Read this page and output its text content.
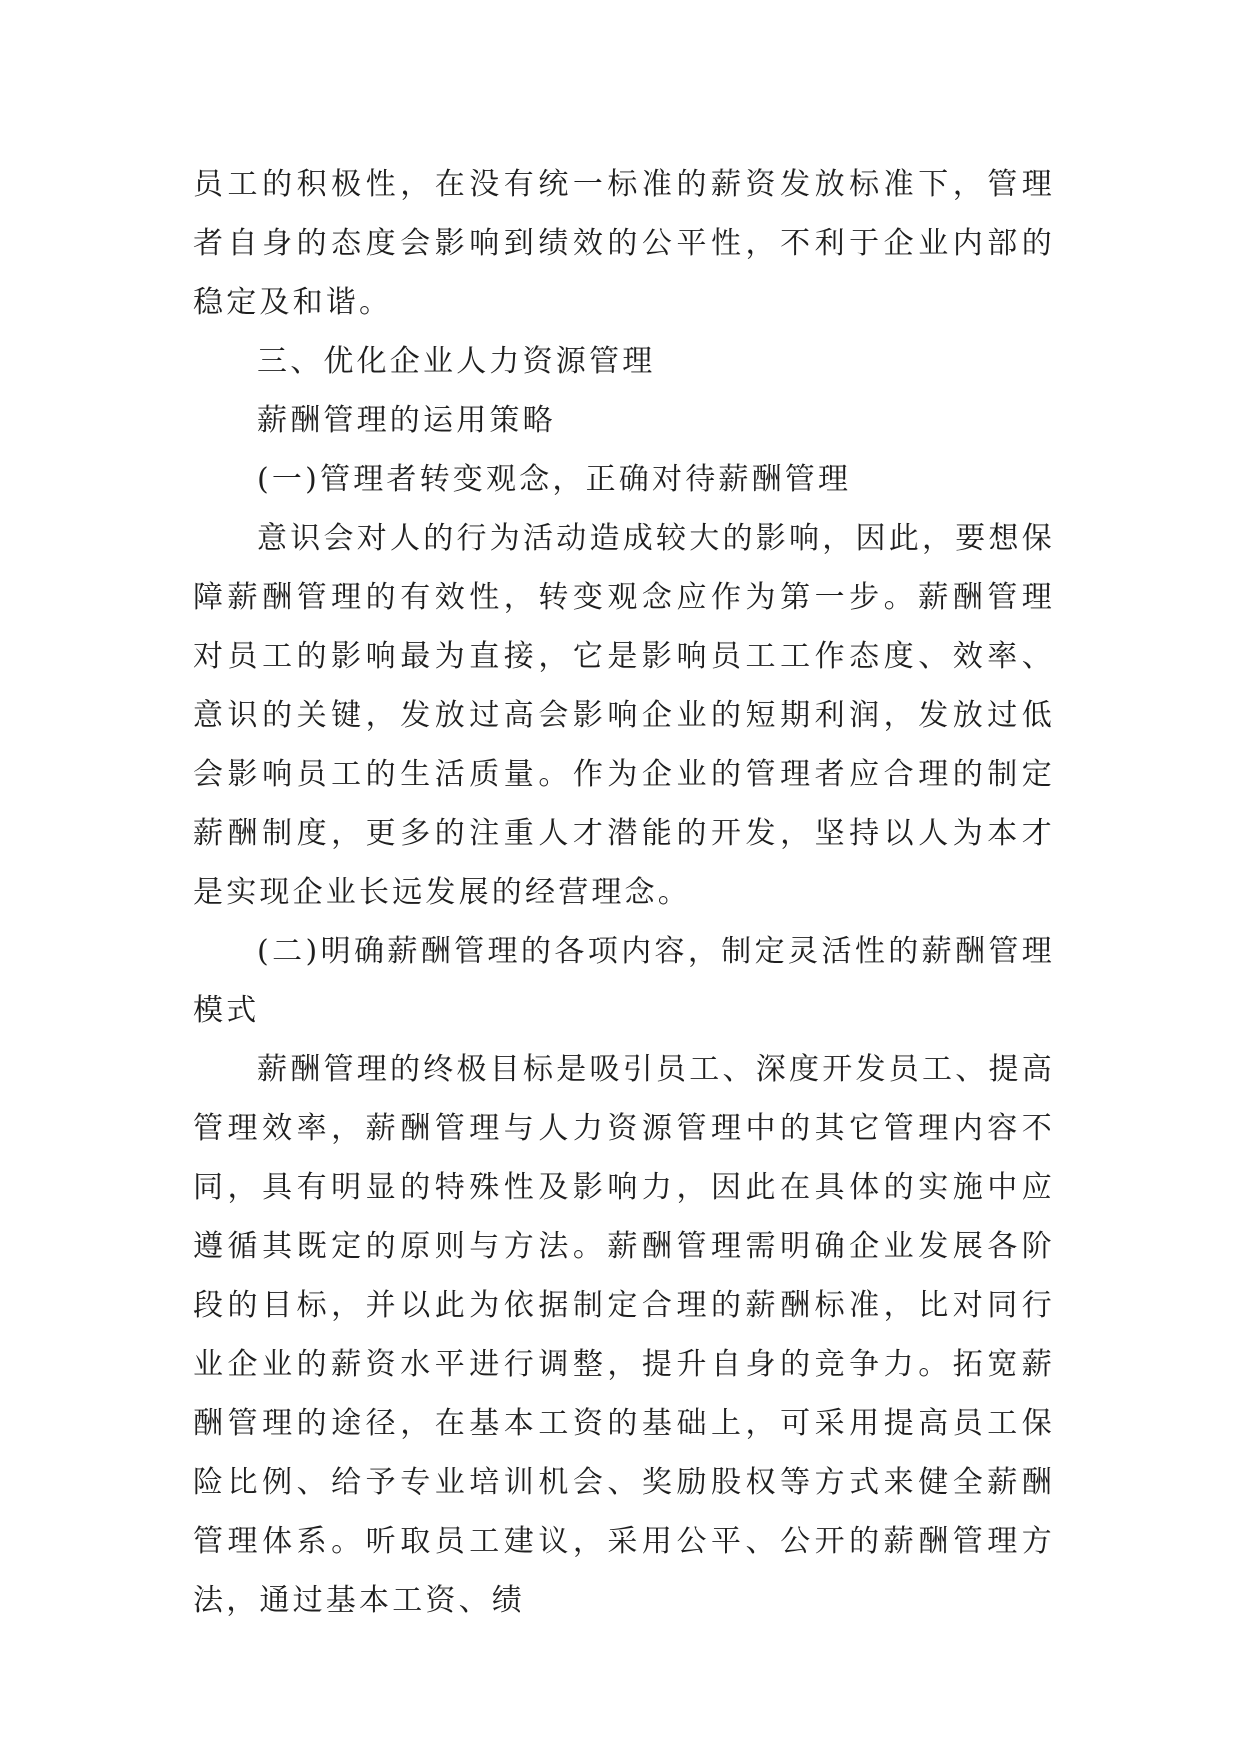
员工的积极性，在没有统一标准的薪资发放标准下，管理者自身的态度会影响到绩效的公平性，不利于企业内部的稳定及和谐。

三、优化企业人力资源管理

薪酬管理的运用策略

(一)管理者转变观念，正确对待薪酬管理

意识会对人的行为活动造成较大的影响，因此，要想保障薪酬管理的有效性，转变观念应作为第一步。薪酬管理对员工的影响最为直接，它是影响员工工作态度、效率、意识的关键，发放过高会影响企业的短期利润，发放过低会影响员工的生活质量。作为企业的管理者应合理的制定薪酬制度，更多的注重人才潜能的开发，坚持以人为本才是实现企业长远发展的经营理念。

(二)明确薪酬管理的各项内容，制定灵活性的薪酬管理模式

薪酬管理的终极目标是吸引员工、深度开发员工、提高管理效率，薪酬管理与人力资源管理中的其它管理内容不同，具有明显的特殊性及影响力，因此在具体的实施中应遵循其既定的原则与方法。薪酬管理需明确企业发展各阶段的目标，并以此为依据制定合理的薪酬标准，比对同行业企业的薪资水平进行调整，提升自身的竞争力。拓宽薪酬管理的途径，在基本工资的基础上，可采用提高员工保险比例、给予专业培训机会、奖励股权等方式来健全薪酬管理体系。听取员工建议，采用公平、公开的薪酬管理方法，通过基本工资、绩
